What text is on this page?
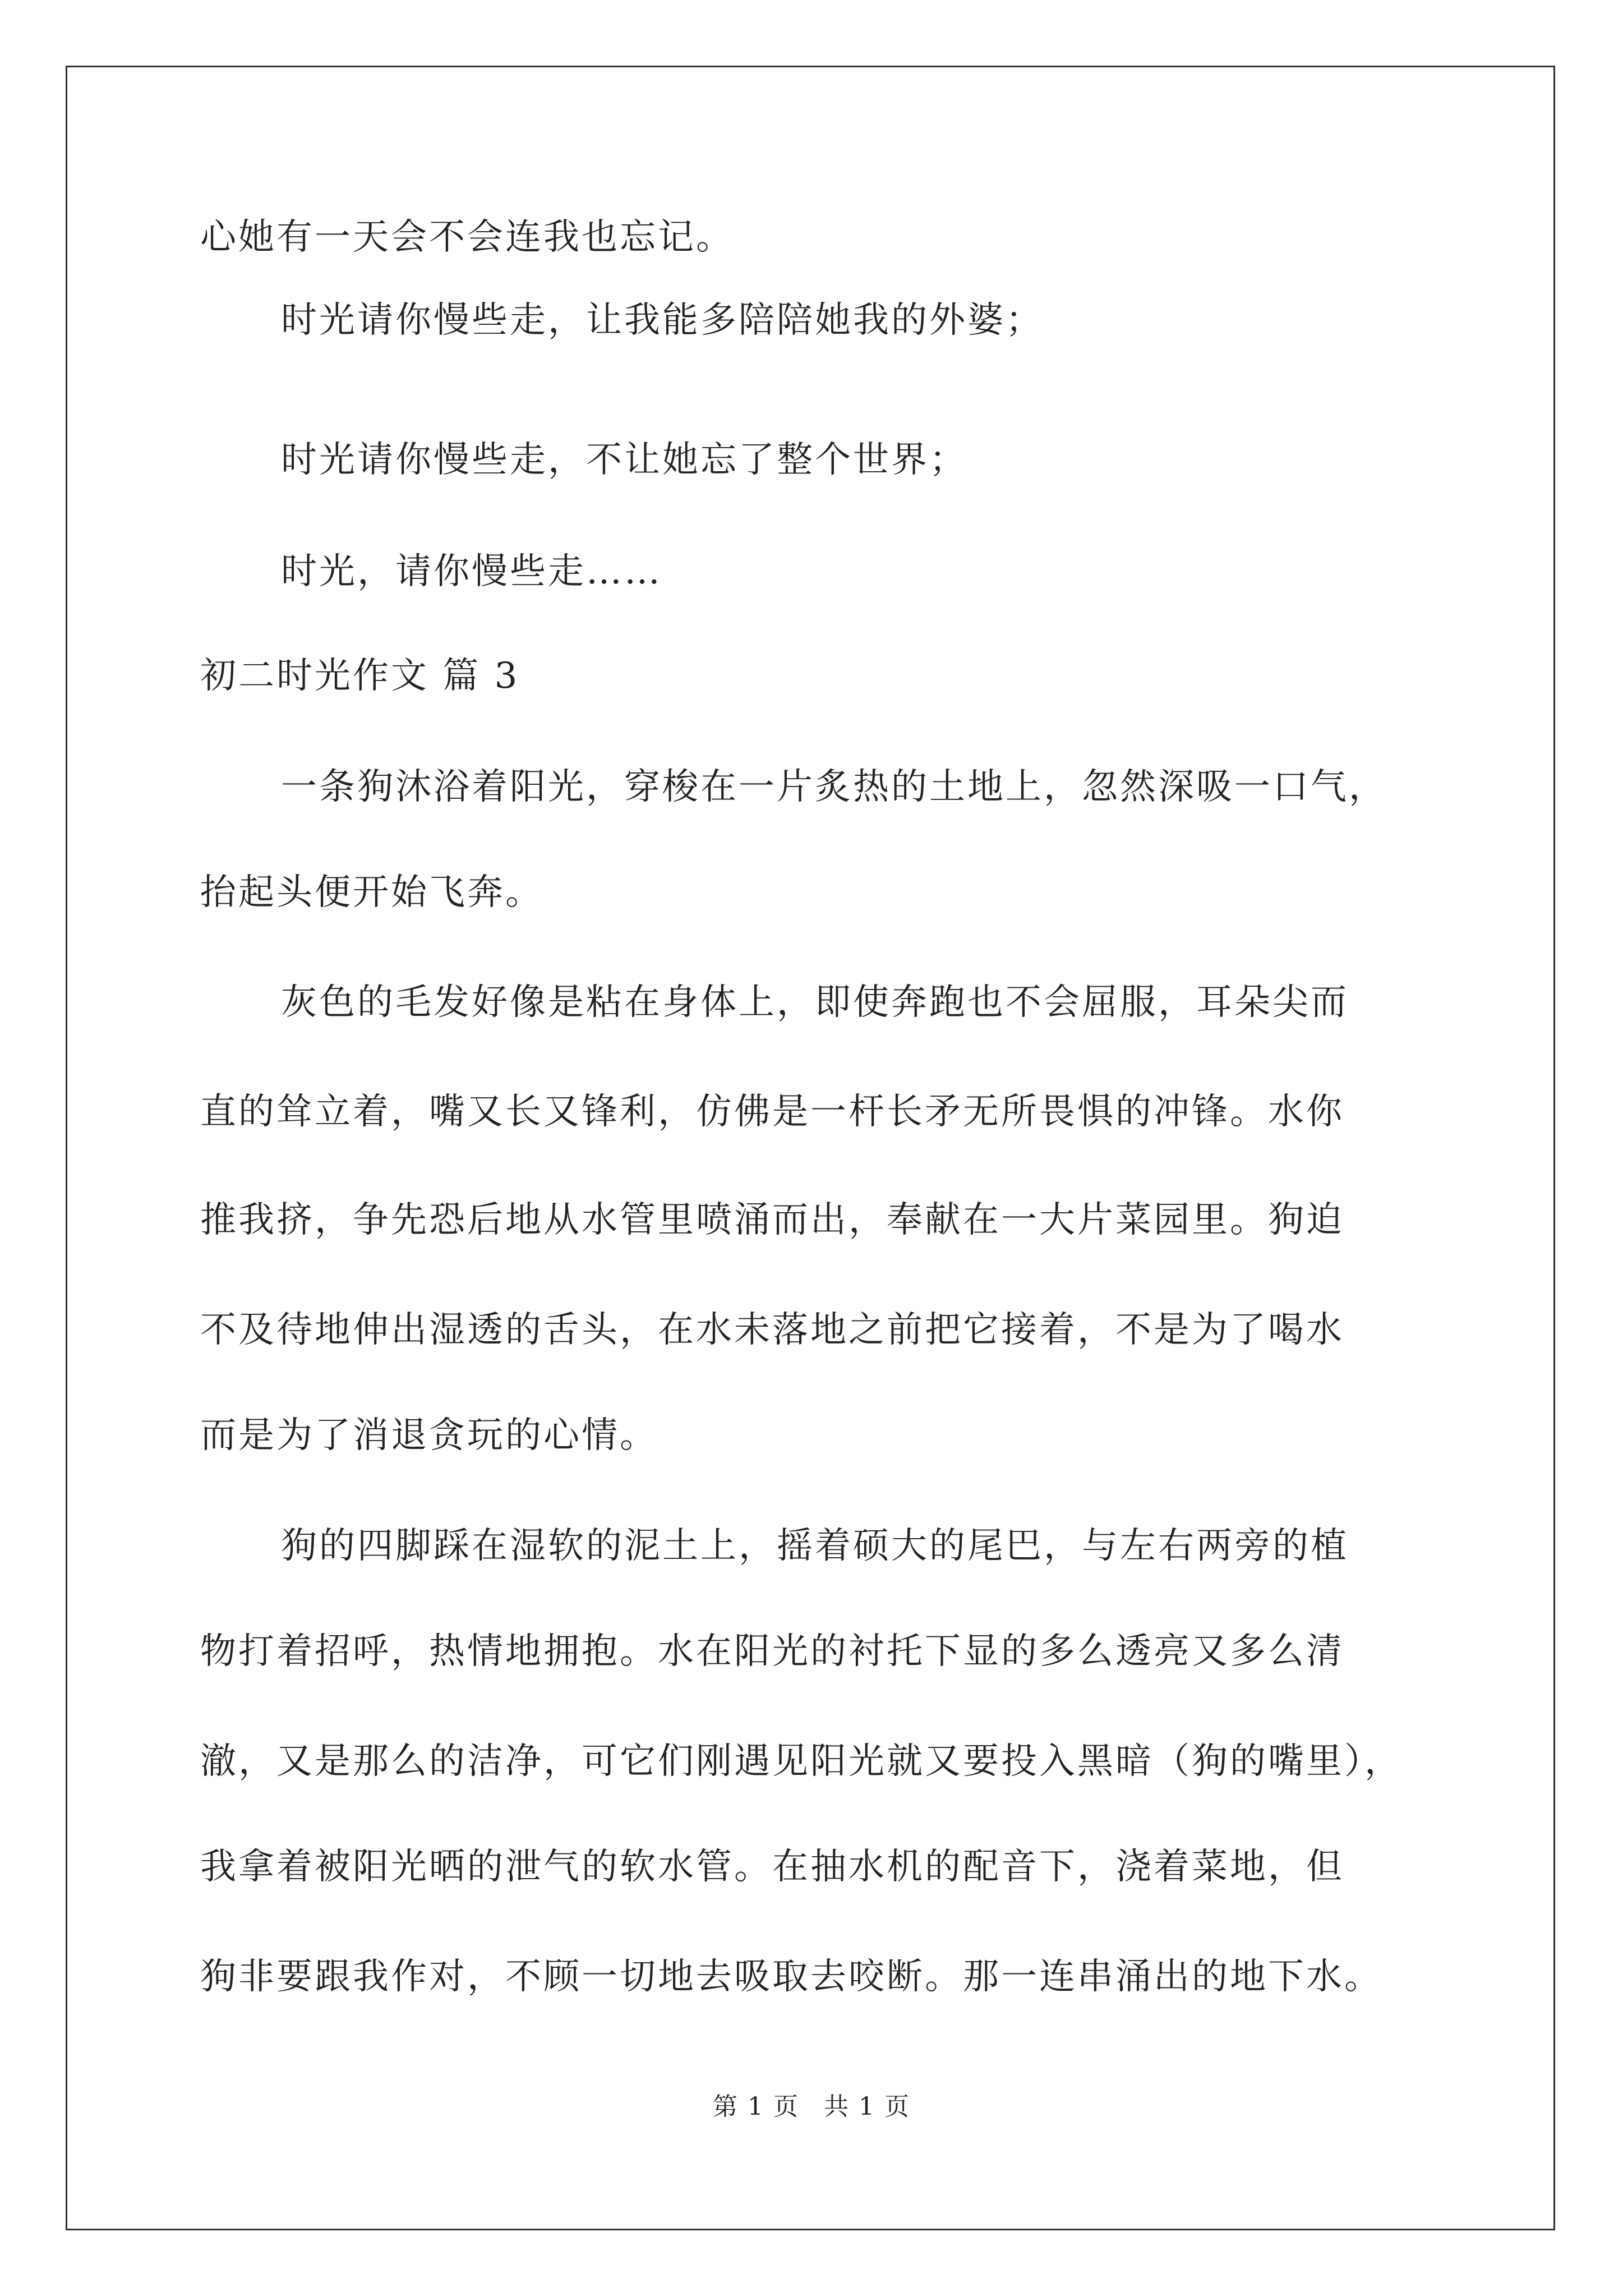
心她有一天会不会连我也忘记。
时光请你慢些走，让我能多陪陪她我的外婆；
时光请你慢些走，不让她忘了整个世界；
时光，请你慢些走……
初二时光作文 篇 3
一条狗沐浴着阳光，穿梭在一片炙热的土地上，忽然深吸一口气，
抬起头便开始飞奔。
灰色的毛发好像是粘在身体上，即使奔跑也不会屈服，耳朵尖而
直的耸立着，嘴又长又锋利，仿佛是一杆长矛无所畏惧的冲锋。水你
推我挤，争先恐后地从水管里喷涌而出，奉献在一大片菜园里。狗迫
不及待地伸出湿透的舌头，在水未落地之前把它接着，不是为了喝水
而是为了消退贪玩的心情。
狗的四脚踩在湿软的泥土上，摇着硕大的尾巴，与左右两旁的植
物打着招呼，热情地拥抱。水在阳光的衬托下显的多么透亮又多么清
澈，又是那么的洁净，可它们刚遇见阳光就又要投入黑暗（狗的嘴里），
我拿着被阳光晒的泄气的软水管。在抽水机的配音下，浇着菜地，但
狗非要跟我作对，不顾一切地去吸取去咬断。那一连串涌出的地下水。
第 1 页 共 1 页
